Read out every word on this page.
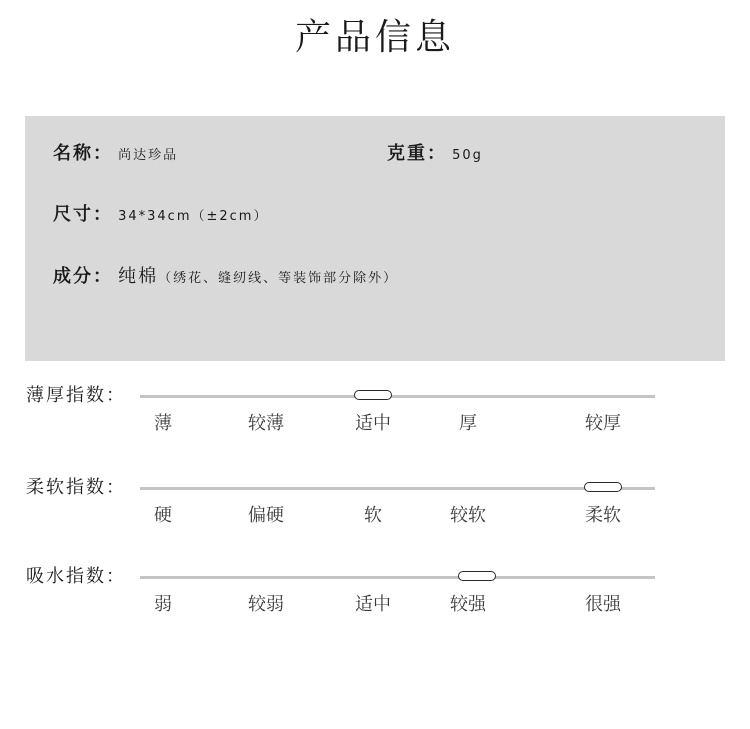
产品信息
名称： 尚达珍品	克重： 50g
尺寸： 34*34cm（±2cm）
成分： 纯棉（绣花、缝纫线、等装饰部分除外）
薄厚指数：
薄	较薄	适中	厚	较厚
柔软指数：
硬	偏硬	软	较软	柔软
吸水指数：
弱	较弱	适中	较强	很强
